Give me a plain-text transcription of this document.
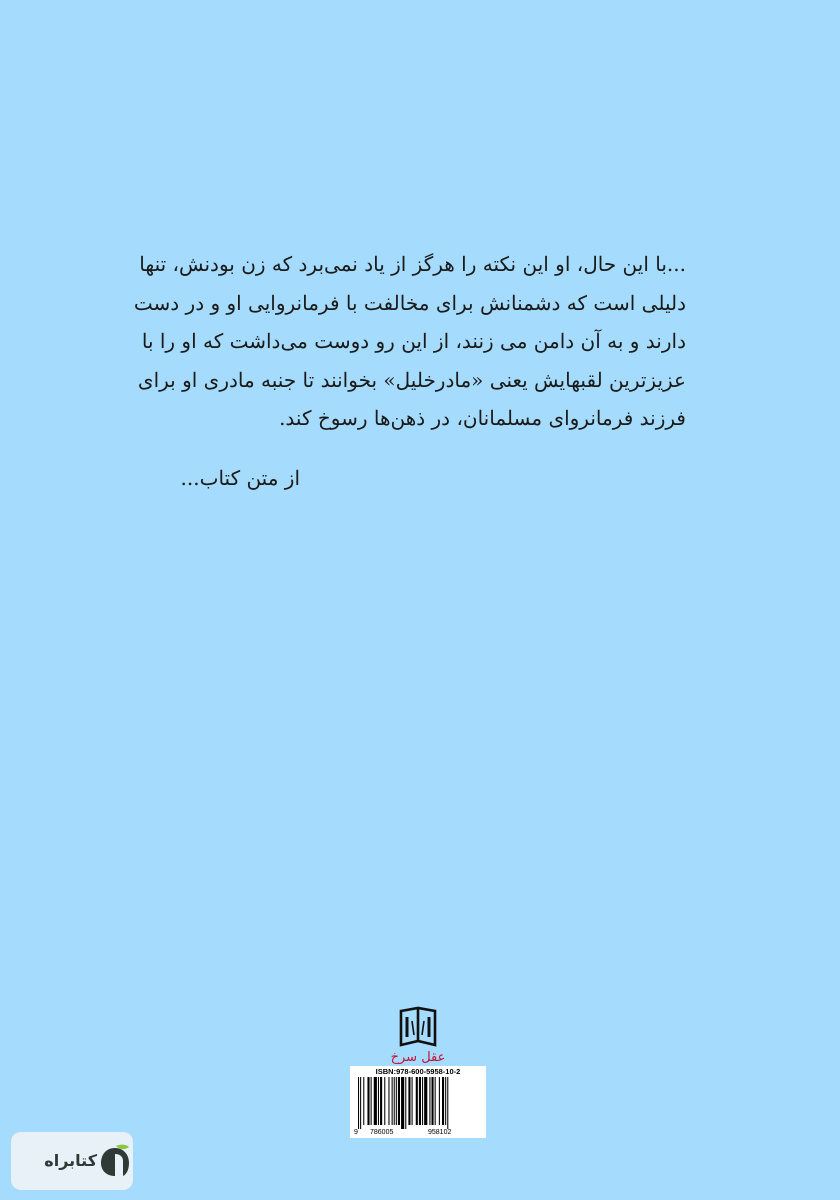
...با این حال، او این نکته را هرگز از یاد نمی‌برد که زن بودنش، تنها
دلیلی است که دشمنانش برای مخالفت با فرمانروایی او و در دست
دارند و به آن دامن می زنند، از این رو دوست می‌داشت که او را با
عزیزترین لقبهایش یعنی «مادرخلیل» بخوانند تا جنبه مادری او برای
فرزند فرمانروای مسلمانان، در ذهن‌ها رسوخ کند.
از متن کتاب...
عقل سرخ
ISBN:978-600-5958-10-2
9 786005	958102
کتابراه
